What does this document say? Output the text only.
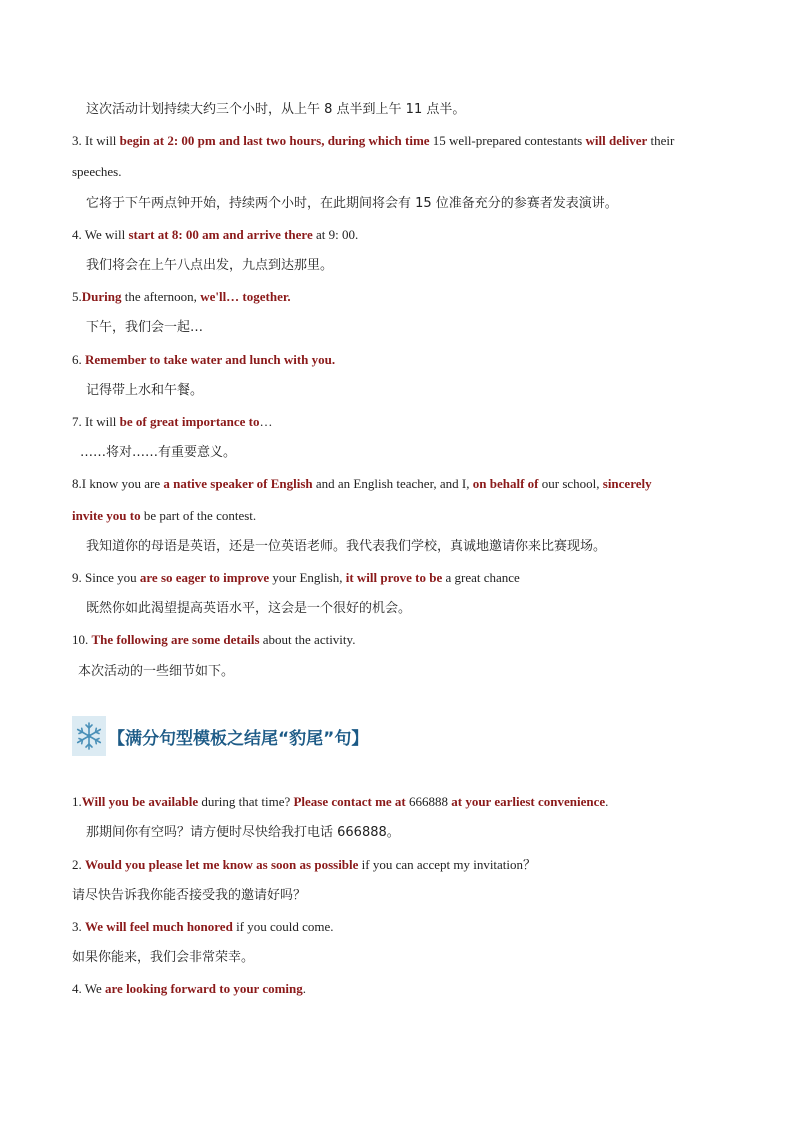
这次活动计划持续大约三个小时，从上午 8 点半到上午 11 点半。
3. It will begin at 2: 00 pm and last two hours, during which time 15 well-prepared contestants will deliver their
speeches.
它将于下午两点钟开始，持续两个小时，在此期间将会有 15 位准备充分的参赛者发表演讲。
4. We will start at 8: 00 am and arrive there at 9: 00.
我们将会在上午八点出发，九点到达那里。
5.During the afternoon, we'll… together.
下午，我们会一起…
6. Remember to take water and lunch with you.
记得带上水和午餐。
7. It will be of great importance to…
……将对……有重要意义。
8.I know you are a native speaker of English and an English teacher, and I, on behalf of our school, sincerely
invite you to be part of the contest.
我知道你的母语是英语，还是一位英语老师。我代表我们学校，真诚地邀请你来比赛现场。
9. Since you are so eager to improve your English, it will prove to be a great chance
既然你如此渴望提高英语水平，这会是一个很好的机会。
10. The following are some details about the activity.
本次活动的一些细节如下。
【满分句型模板之结尾“豹尾”句】
1.Will you be available during that time? Please contact me at 666888 at your earliest convenience.
那期间你有空吗？请方便时尽快给我打电话 666888。
2. Would you please let me know as soon as possible if you can accept my invitation？
请尽快告诉我你能否接受我的邀请好吗？
3. We will feel much honored if you could come.
如果你能来，我们会非常荣幸。
4. We are looking forward to your coming.
